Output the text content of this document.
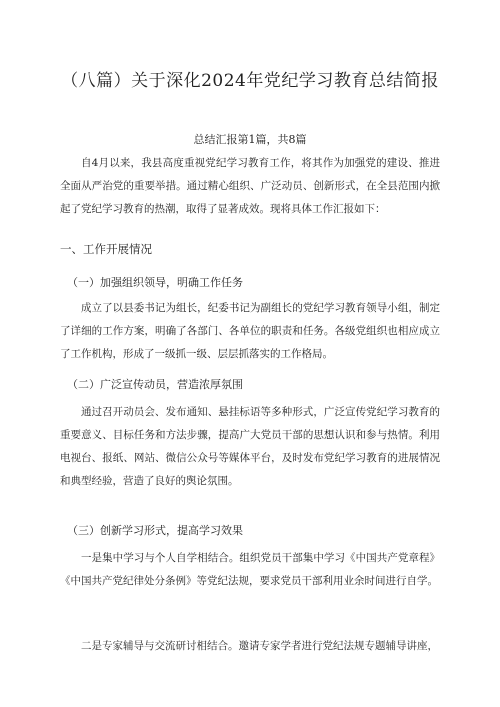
（八篇）关于深化2024年党纪学习教育总结简报
总结汇报第1篇，共8篇
自4月以来，我县高度重视党纪学习教育工作，将其作为加强党的建设、推进全面从严治党的重要举措。通过精心组织、广泛动员、创新形式，在全县范围内掀起了党纪学习教育的热潮，取得了显著成效。现将具体工作汇报如下：
一、工作开展情况
（一）加强组织领导，明确工作任务
成立了以县委书记为组长，纪委书记为副组长的党纪学习教育领导小组，制定了详细的工作方案，明确了各部门、各单位的职责和任务。各级党组织也相应成立了工作机构，形成了一级抓一级、层层抓落实的工作格局。
（二）广泛宣传动员，营造浓厚氛围
通过召开动员会、发布通知、悬挂标语等多种形式，广泛宣传党纪学习教育的重要意义、目标任务和方法步骤，提高广大党员干部的思想认识和参与热情。利用电视台、报纸、网站、微信公众号等媒体平台，及时发布党纪学习教育的进展情况和典型经验，营造了良好的舆论氛围。
（三）创新学习形式，提高学习效果
一是集中学习与个人自学相结合。组织党员干部集中学习《中国共产党章程》《中国共产党纪律处分条例》等党纪法规，要求党员干部利用业余时间进行自学。
二是专家辅导与交流研讨相结合。邀请专家学者进行党纪法规专题辅导讲座，
